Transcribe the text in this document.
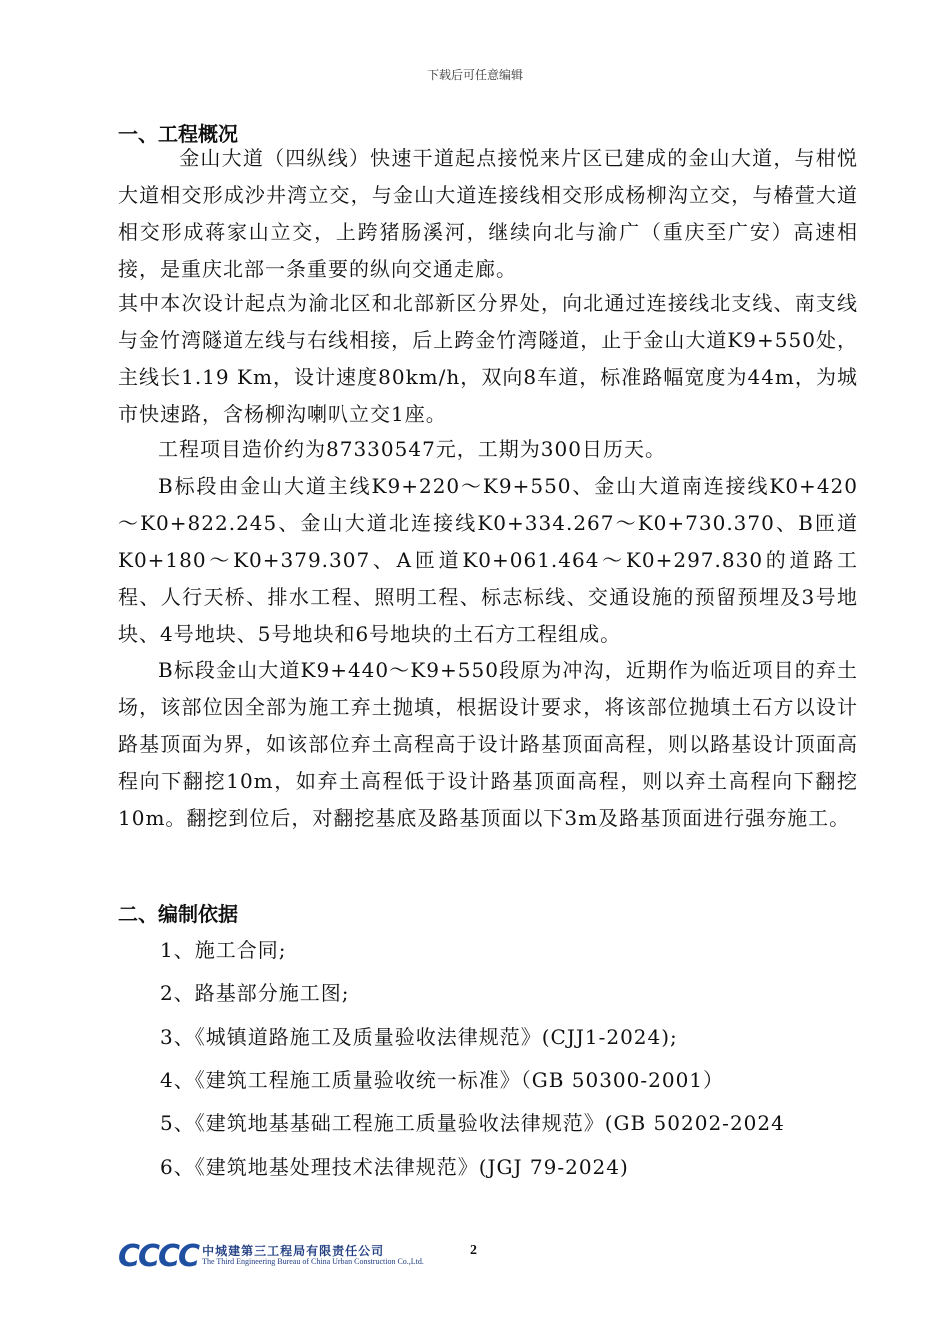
下载后可任意编辑
一、工程概况
　金山大道（四纵线）快速干道起点接悦来片区已建成的金山大道，与柑悦大道相交形成沙井湾立交，与金山大道连接线相交形成杨柳沟立交，与椿萱大道相交形成蒋家山立交，上跨猪肠溪河，继续向北与渝广（重庆至广安）高速相接，是重庆北部一条重要的纵向交通走廊。
其中本次设计起点为渝北区和北部新区分界处，向北通过连接线北支线、南支线与金竹湾隧道左线与右线相接，后上跨金竹湾隧道，止于金山大道K9+550处，主线长1.19 Km，设计速度80km/h，双向8车道，标准路幅宽度为44m，为城市快速路，含杨柳沟喇叭立交1座。
工程项目造价约为87330547元，工期为300日历天。
B标段由金山大道主线K9+220～K9+550、金山大道南连接线K0+420～K0+822.245、金山大道北连接线K0+334.267～K0+730.370、B匝道K0+180～K0+379.307、A匝道K0+061.464～K0+297.830的道路工程、人行天桥、排水工程、照明工程、标志标线、交通设施的预留预埋及3号地块、4号地块、5号地块和6号地块的土石方工程组成。
B标段金山大道K9+440～K9+550段原为冲沟，近期作为临近项目的弃土场，该部位因全部为施工弃土抛填，根据设计要求，将该部位抛填土石方以设计路基顶面为界，如该部位弃土高程高于设计路基顶面高程，则以路基设计顶面高程向下翻挖10m，如弃土高程低于设计路基顶面高程，则以弃土高程向下翻挖10m。翻挖到位后，对翻挖基底及路基顶面以下3m及路基顶面进行强夯施工。
二、编制依据
1、施工合同;
2、路基部分施工图;
3、《城镇道路施工及质量验收法律规范》(CJJ1-2024);
4、《建筑工程施工质量验收统一标准》（GB 50300-2001）
5、《建筑地基基础工程施工质量验收法律规范》(GB 50202-2024
6、《建筑地基处理技术法律规范》(JGJ 79-2024)
CCCC 中城建第三工程局有限责任公司
The Third Engineering Bureau of China Urban Construction Co.,Ltd.
2
